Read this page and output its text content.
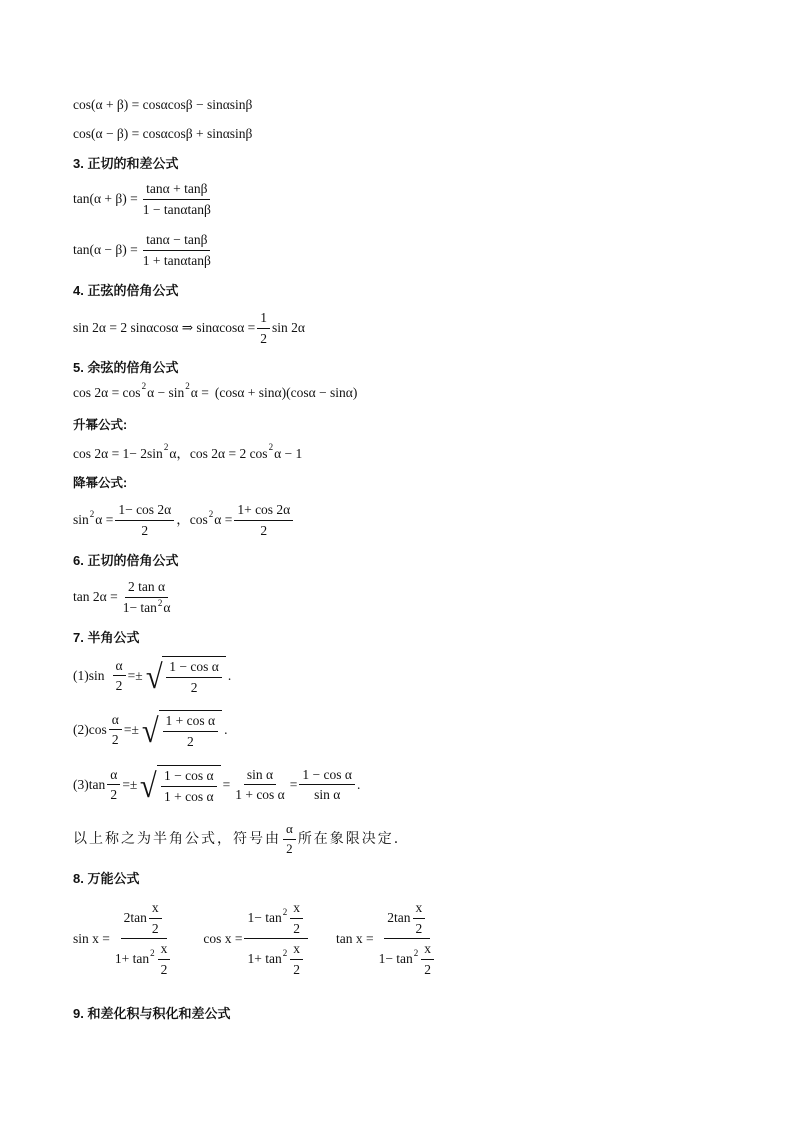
cos(α + β) = cosαcosβ − sinαsinβ
cos(α − β) = cosαcosβ + sinαsinβ
3. 正切的和差公式
$\tan(\alpha + \beta) = \frac{\tan\alpha + \tan\beta}{1 - \tan\alpha\tan\beta}$
$\tan(\alpha - \beta) = \frac{\tan\alpha - \tan\beta}{1 + \tan\alpha\tan\beta}$
4. 正弦的倍角公式
sin 2α = 2 sinαcosα ⇒ $\sin\alpha\cos\alpha = \frac{1}{2}$ sin 2α
5. 余弦的倍角公式
cos 2α = cos 2 α − sin 2 α = (cosα + sinα)(cosα − sinα)
升幂公式:
cos 2α = 1− 2sin 2 α，cos 2α = 2 cos 2 α − 1
降幂公式:
sin 2 $\alpha = \frac{1- \cos 2\alpha}{2}$ ，cos 2 $\alpha = \frac{1+ \cos 2\alpha}{2}$
6. 正切的倍角公式
$\tan 2\alpha = \frac{\text{2 tan α}}{1- \tan^2\alpha}$
7. 半角公式
$(1)\sin \frac{\alpha}{2}$ =± √ $\frac{\text{1 − cos α}}{2}$ .
$(2)\cos \frac{\alpha}{2}$ =± √ $\frac{\text{1 + cos α}}{2}$ .
$(3)\tan \frac{\alpha}{2}$ =± √ $\frac{\text{1 − cos α}}{\text{1 + cos α}} = \frac{\text{sin α}}{\text{1 + cos α}} = \frac{\text{1 − cos α}}{\text{sin α}}$ .
以上称之为半角公式，符号由 $\frac{\alpha}{2}$ 所在象限决定.
8. 万能公式
$\sin x = \frac{2\tan \frac{x}{2}}{1+ \tan 2 \frac{x}{2}}$ $\cos x = \frac{1- \tan 2 \frac{x}{2}}{1+ \tan 2 \frac{x}{2}}$ $\tan x = \frac{2\tan \frac{x}{2}}{1- \tan 2 \frac{x}{2}}$
9. 和差化积与积化和差公式
